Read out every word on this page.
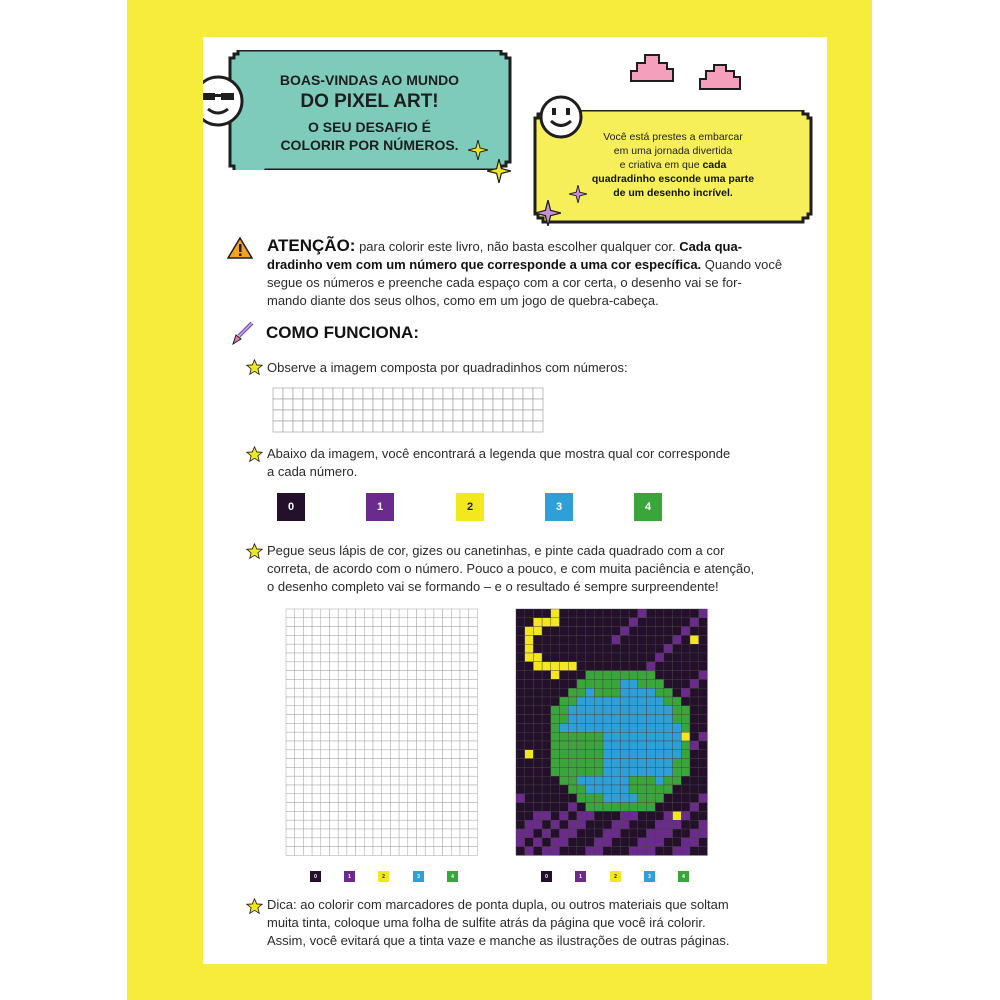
BOAS-VINDAS AO MUNDO
DO PIXEL ART!
O SEU DESAFIO É
COLORIR POR NÚMEROS.	Você está prestes a embarcar
em uma jornada divertida
e criativa em que cada
quadradinho esconde uma parte
de um desenho incrível.
ATENÇÃO: para colorir este livro, não basta escolher qualquer cor. Cada qua-
dradinho vem com um número que corresponde a uma cor específica. Quando você
segue os números e preenche cada espaço com a cor certa, o desenho vai se for-
mando diante dos seus olhos, como em um jogo de quebra-cabeça.
COMO FUNCIONA:
Observe a imagem composta por quadradinhos com números:
Abaixo da imagem, você encontrará a legenda que mostra qual cor corresponde
a cada número.
0	1	2	3	4
Pegue seus lápis de cor, gizes ou canetinhas, e pinte cada quadrado com a cor
correta, de acordo com o número. Pouco a pouco, e com muita paciência e atenção,
o desenho completo vai se formando – e o resultado é sempre surpreendente!
0	1	2	3	4	0	1	2	3	4
Dica: ao colorir com marcadores de ponta dupla, ou outros materiais que soltam
muita tinta, coloque uma folha de sulfite atrás da página que você irá colorir.
Assim, você evitará que a tinta vaze e manche as ilustrações de outras páginas.
